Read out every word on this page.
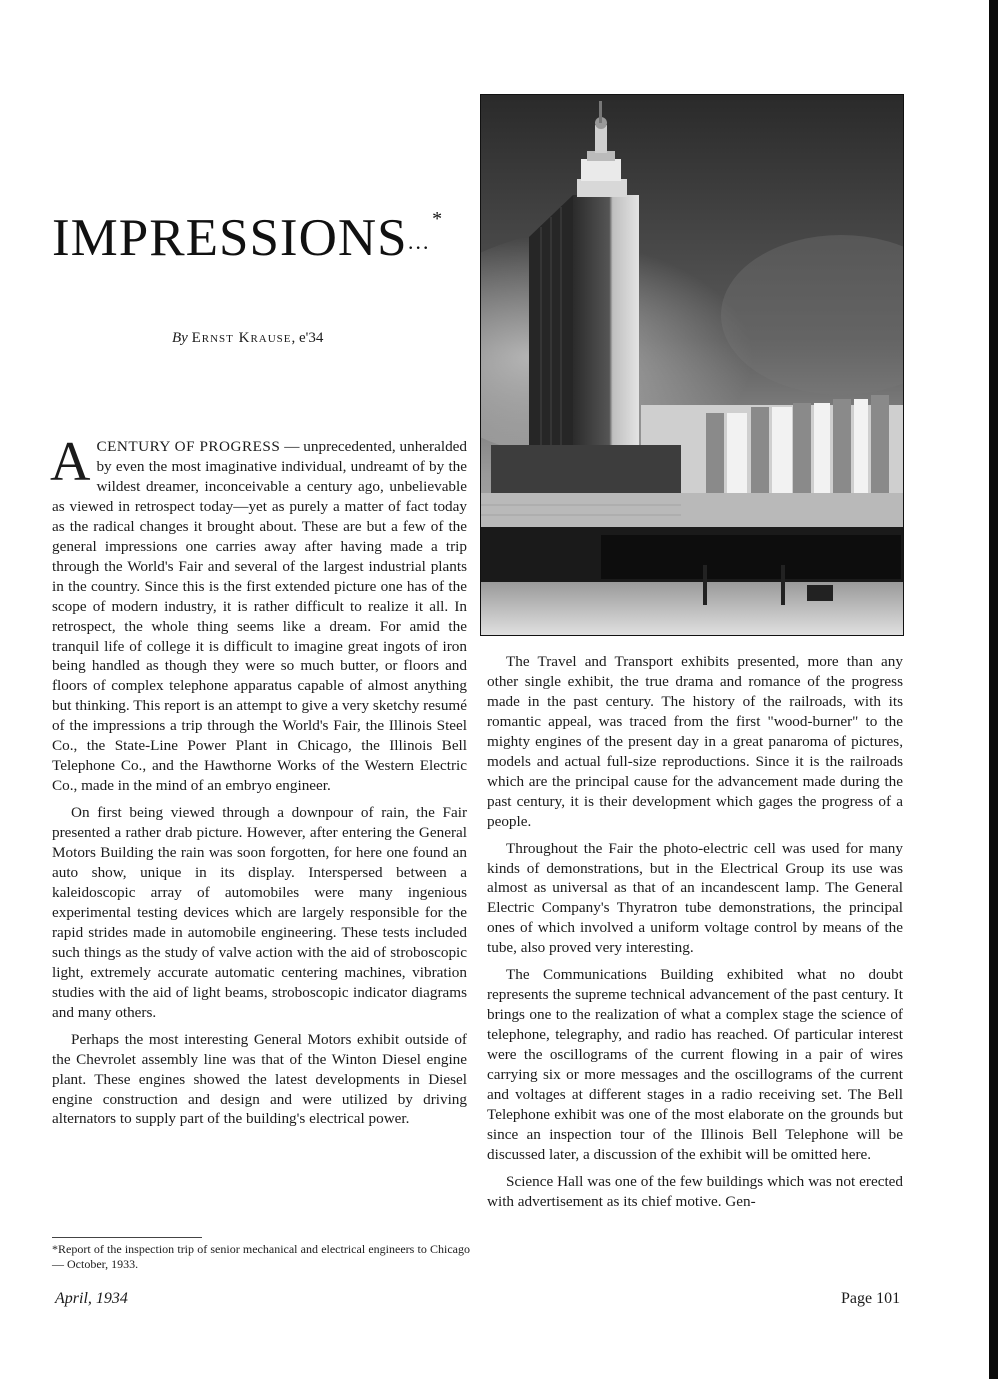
IMPRESSIONS···*
By Ernst Krause, e'34

ACENTURY OF PROGRESS — unprecedented, unheralded by even the most imaginative individual, undreamt of by the wildest dreamer, inconceivable a century ago, unbelievable as viewed in retrospect today—yet as purely a matter of fact today as the radical changes it brought about. These are but a few of the general impressions one carries away after having made a trip through the World's Fair and several of the largest industrial plants in the country. Since this is the first extended picture one has of the scope of modern industry, it is rather difficult to realize it all. In retrospect, the whole thing seems like a dream. For amid the tranquil life of college it is difficult to imagine great ingots of iron being handled as though they were so much butter, or floors and floors of complex telephone apparatus capable of almost anything but thinking. This report is an attempt to give a very sketchy resumé of the impressions a trip through the World's Fair, the Illinois Steel Co., the State-Line Power Plant in Chicago, the Illinois Bell Telephone Co., and the Hawthorne Works of the Western Electric Co., made in the mind of an embryo engineer.

On first being viewed through a downpour of rain, the Fair presented a rather drab picture. However, after entering the General Motors Building the rain was soon forgotten, for here one found an auto show, unique in its display. Interspersed between a kaleidoscopic array of automobiles were many ingenious experimental testing devices which are largely responsible for the rapid strides made in automobile engineering. These tests included such things as the study of valve action with the aid of stroboscopic light, extremely accurate automatic centering machines, vibration studies with the aid of light beams, stroboscopic indicator diagrams and many others.

Perhaps the most interesting General Motors exhibit outside of the Chevrolet assembly line was that of the Winton Diesel engine plant. These engines showed the latest developments in Diesel engine construction and design and were utilized by driving alternators to supply part of the building's electrical power.

*Report of the inspection trip of senior mechanical and electrical engineers to Chicago — October, 1933.

The Travel and Transport exhibits presented, more than any other single exhibit, the true drama and romance of the progress made in the past century. The history of the railroads, with its romantic appeal, was traced from the first "wood-burner" to the mighty engines of the present day in a great panaroma of pictures, models and actual full-size reproductions. Since it is the railroads which are the principal cause for the advancement made during the past century, it is their development which gages the progress of a people.

Throughout the Fair the photo-electric cell was used for many kinds of demonstrations, but in the Electrical Group its use was almost as universal as that of an incandescent lamp. The General Electric Company's Thyratron tube demonstrations, the principal ones of which involved a uniform voltage control by means of the tube, also proved very interesting.

The Communications Building exhibited what no doubt represents the supreme technical advancement of the past century. It brings one to the realization of what a complex stage the science of telephone, telegraphy, and radio has reached. Of particular interest were the oscillograms of the current flowing in a pair of wires carrying six or more messages and the oscillograms of the current and voltages at different stages in a radio receiving set. The Bell Telephone exhibit was one of the most elaborate on the grounds but since an inspection tour of the Illinois Bell Telephone will be discussed later, a discussion of the exhibit will be omitted here.

Science Hall was one of the few buildings which was not erected with advertisement as its chief motive. Gen-

April, 1934	Page 101
